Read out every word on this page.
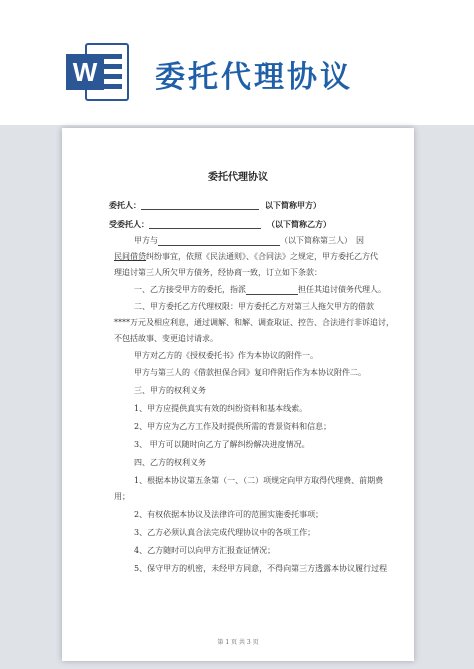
W 委托代理协议
委托代理协议
委托人：	以下简称甲方）
受委托人：	（以下简称乙方）
甲方与	（以下简称第三人）　因
民间借贷纠纷事宜，依照《民法通则》、《合同法》之规定，甲方委托乙方代
理追讨第三人所欠甲方债务，经协商一致，订立如下条款：
一、乙方接受甲方的委托，指派	担任其追讨债务代理人。
二、甲方委托乙方代理权限：甲方委托乙方对第三人拖欠甲方的借款
****万元及相应利息，通过调解、和解、调查取证、控告、合法进行非诉追讨，
不包括故事、变更追讨请求。
甲方对乙方的《授权委托书》作为本协议的附件一。
甲方与第三人的《借款担保合同》复印件附后作为本协议附件二。
三、甲方的权利义务
1、甲方应提供真实有效的纠纷资料和基本线索。
2、甲方应为乙方工作及时提供所需的背景资料和信息；
3、 甲方可以随时向乙方了解纠纷解决进度情况。
四、乙方的权利义务
1、根据本协议第五条第（一、（二）项规定向甲方取得代理费、前期费
用；
2、有权依据本协议及法律许可的范围实施委托事项；
3、乙方必须认真合法完成代理协议中的各项工作；
4、乙方随时可以向甲方汇报查证情况；
5、保守甲方的机密，未经甲方同意，不得向第三方透露本协议履行过程
第 1 页 共 3 页
